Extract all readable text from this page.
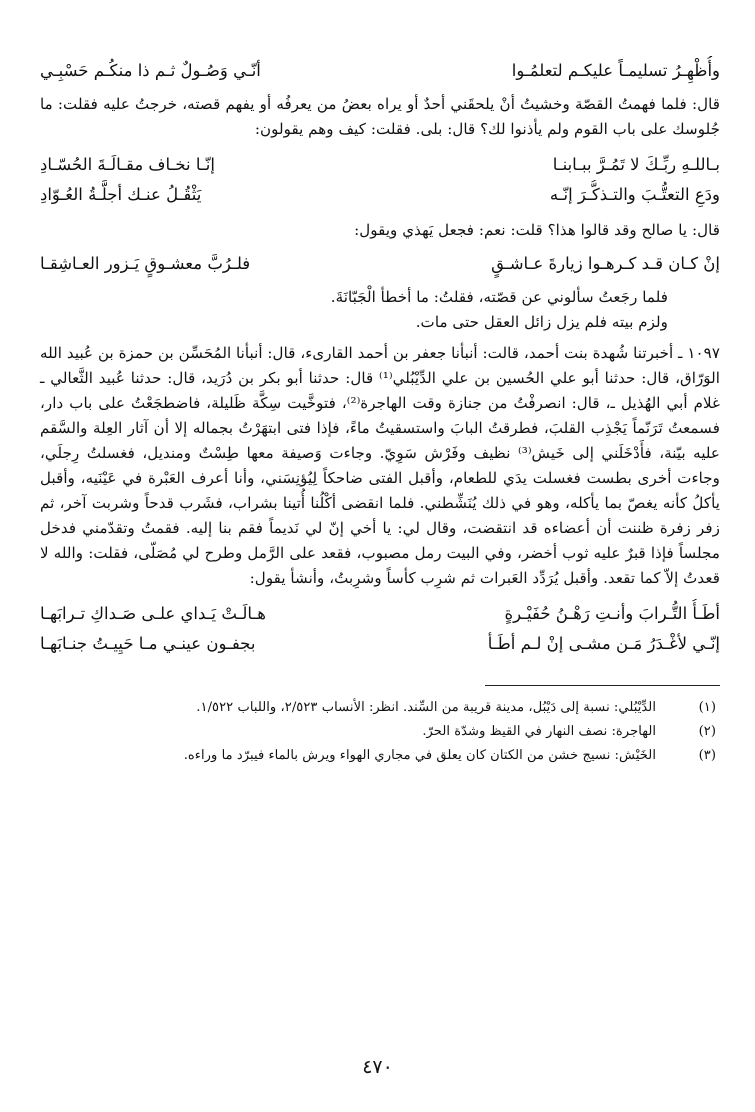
وأُظْهِـرُ تسليمـاً عليكـم لتعلمُـوا
أنّـي وَصُـولٌ ثـم ذا منكُـم حَسْبِـي

قال: فلما فهمتُ القصّة وخشيتُ أنْ يلحقَني أحدٌ أو يراه بعضُ من يعرفُه أو يفهم قصته، خرجتُ عليه فقلت: ما جُلوسك على باب القوم ولم يأذنوا لك؟ قال: بلى. فقلت: كيف وهم يقولون:

بـاللـهِ ربِّـكَ لا تَمُـرَّ ببـابنـا
إنّـا نخـاف مقـالَـةَ الحُسّـادِ
ودَعِ التعتُّـبَ والتـذكُّـرَ إنّـه
يَثْقُـلُ عنـك أجلَّـةُ العُـوّادِ

قال: يا صالح وقد قالوا هذا؟ قلت: نعم: فجعل يَهذي ويقول:

إنْ كـان قـد كـرهـوا زيارةَ عـاشـقٍ
فلـرُبَّ معشـوقٍ يَـزور العـاشِقـا

فلما رجَعتُ سألوني عن قصّته، فقلتُ: ما أخطأ الْجَبّانَةَ.

ولزم بيته فلم يزل زائل العقل حتى مات.

١٠٩٧ ـ أخبرتنا شُهدة بنت أحمد، قالت: أنبأنا جعفر بن أحمد القارىء، قال: أنبأنا المُحَسِّن بن حمزة بن عُبيد الله الوَرّاق، قال: حدثنا أبو علي الحُسين بن علي الدِّيْبُلي⁽¹⁾ قال: حدثنا أبو بكر بن دُرَيد، قال: حدثنا عُبيد الثَّعالي ـ غلام أبي الهُذيل ـ، قال: انصرفْتُ من جنازة وقت الهاجرة⁽²⁾، فتوخَّيت سِكَّة ظَليلة، فاضطجَعْتُ على باب دار، فسمعتُ تَرَنّماً يَجْذِب القلبَ، فطرقتُ البابَ واستسقيتُ ماءً، فإذا فتى ابتهَرْتُ بجماله إلا أن آثار العِلة والسَّقم عليه بيّنة، فأَدْخَلَني إلى خَيش⁽³⁾ نظيف وفَرْش سَوِيّ. وجاءت وَصيفة معها طِسْتٌ ومنديل، فغسلتُ رِجلَي، وجاءت أخرى بطست فغسلت يدَي للطعام، وأقبل الفتى ضاحكاً لِيُؤنِسَني، وأنا أعرف العَبْرة في عَيْنَيه، وأقبل يأكلُ كأنه يغصّ بما يأكله، وهو في ذلك يُنَشِّطني. فلما انقضى أكْلُنا أُتينا بشراب، فشَرب قدحاً وشربت آخر، ثم زفر زفرة ظننت أن أعضاءه قد انتقضت، وقال لي: يا أخي إنّ لي نَديماً فقم بنا إليه. فقمتُ وتقدّمني فدخل مجلساً فإذا قبرٌ عليه ثوب أخضر، وفي البيت رمل مصبوب، فقعد على الرَّمل وطرح لي مُصَلّى، فقلت: والله لا قعدتُ إلاّ كما تقعد. وأقبل يُرَدِّد العَبرات ثم شرِب كأساً وشرِبتُ، وأنشأ يقول:

أطَـأُ التُّـرابَ وأنـتِ رَهْـنُ حُفَيْـرةٍ
هـالَـتْ يَـداي علـى صَـداكِ تـرابَهـا
إنّـي لأغْـدَرُ مَـن مشـى إنْ لـم أطَـأ
بجفـون عينـي مـا حَيِيـتُ جنـابَهـا
(١)
الدِّيْبُلي: نسبة إلى دَيْبُل، مدينة قريبة من السِّند. انظر: الأنساب ٢/٥٢٣، واللباب ١/٥٢٢.
(٢)
الهاجرة: نصف النهار في القيظ وشدّة الحرّ.
(٣)
الخَيْش: نسيج خشن من الكتان كان يعلق في مجاري الهواء ويرش بالماء فيبرّد ما وراءه.
٤٧٠
